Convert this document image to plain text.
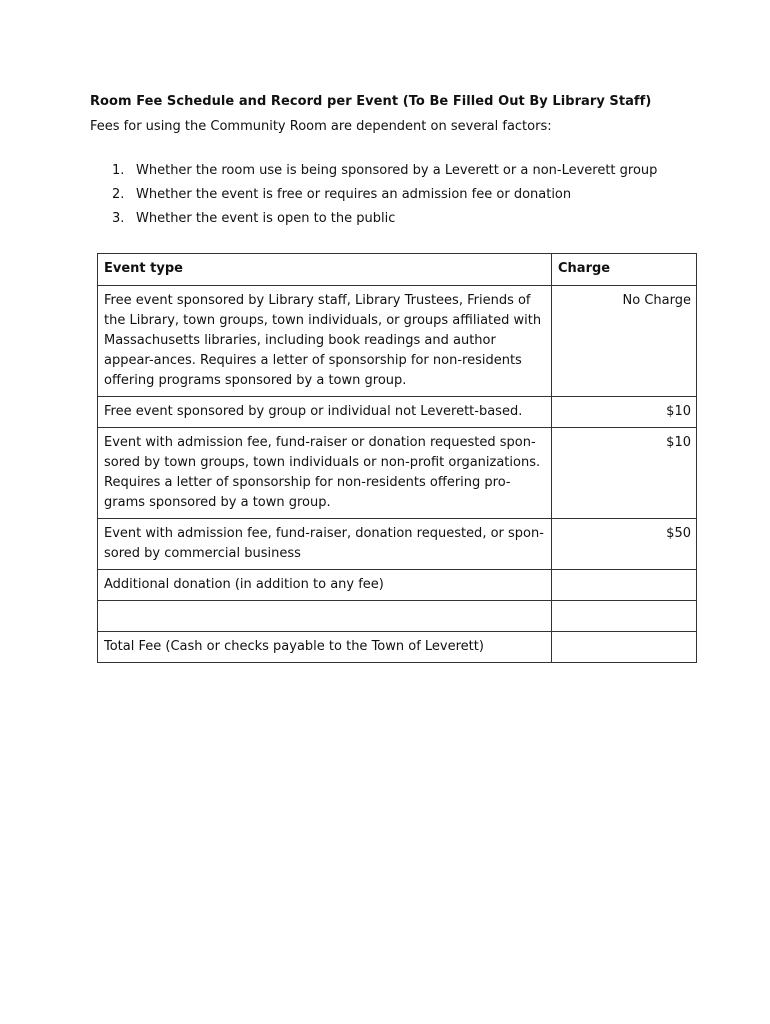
Room Fee Schedule and Record per Event (To Be Filled Out By Library Staff)
Fees for using the Community Room are dependent on several factors:
1. Whether the room use is being sponsored by a Leverett or a non-Leverett group
2. Whether the event is free or requires an admission fee or donation
3. Whether the event is open to the public
Event type	Charge
Free event sponsored by Library staff, Library Trustees, Friends of the Library, town groups, town individuals, or groups affiliated with Massachusetts libraries, including book readings and author appear-ances. Requires a letter of sponsorship for non-residents offering programs sponsored by a town group.	No Charge
Free event sponsored by group or individual not Leverett-based.	$10
Event with admission fee, fund-raiser or donation requested spon-sored by town groups, town individuals or non-profit organizations. Requires a letter of sponsorship for non-residents offering pro-grams sponsored by a town group.	$10
Event with admission fee, fund-raiser, donation requested, or spon-sored by commercial business	$50
Additional donation (in addition to any fee)	

Total Fee (Cash or checks payable to the Town of Leverett)	
